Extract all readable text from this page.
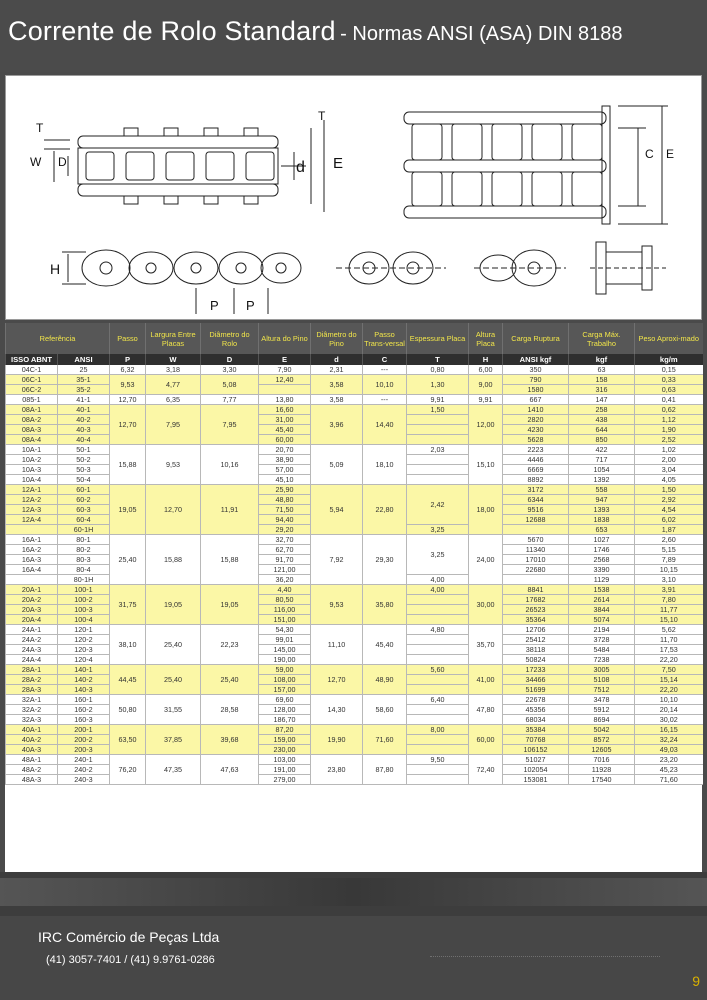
Corrente de Rolo Standard - Normas ANSI (ASA) DIN 8188
T
W D	d E
T
C E
H
P P
Referência		Passo	Largura Entre Placas	Diâmetro do Rolo	Altura do Pino	Diâmetro do Pino	Passo Trans-versal	Espessura Placa	Altura Placa	Carga Ruptura	Carga Máx. Trabalho	Peso Aproxi-mado
ISSO ABNT	ANSI	P	W	D	E	d	C	T	H	ANSI kgf	kgf	kg/m
04C-1	25	6,32	3,18	3,30	7,90	2,31	---	0,80	6,00	350	63	0,15
06C-1	35-1	9,53	4,77	5,08	12,40	3,58	10,10	1,30	9,00	790	158	0,33
06C-2	35-2									1580	316	0,63
085-1	41-1	12,70	6,35	7,77	13,80	3,58	---	9,91	9,91	667	147	0,41
08A-1	40-1	12,70	7,95	7,95	16,60	3,96	14,40	1,50	12,00	1410	258	0,62
08A-2	40-2				31,00					2820	438	1,12
08A-3	40-3				45,40					4230	644	1,90
08A-4	40-4				60,00					5628	850	2,52
10A-1	50-1	15,88	9,53	10,16	20,70	5,09	18,10	2,03	15,10	2223	422	1,02
10A-2	50-2				38,90					4446	717	2,00
10A-3	50-3				57,00					6669	1054	3,04
10A-4	50-4				45,10					8892	1392	4,05
12A-1	60-1	19,05	12,70	11,91	25,90	5,94	22,80	2,42	18,00	3172	558	1,50
12A-2	60-2				48,80					6344	947	2,92
12A-3	60-3				71,50					9516	1393	4,54
12A-4	60-4				94,40					12688	1838	6,02
	60-1H				29,20			3,25			653	1,87
16A-1	80-1	25,40	15,88	15,88	32,70	7,92	29,30	3,25	24,00	5670	1027	2,60
16A-2	80-2				62,70					11340	1746	5,15
16A-3	80-3				91,70					17010	2568	7,89
16A-4	80-4				121,00					22680	3390	10,15
	80-1H				36,20			4,00			1129	3,10
20A-1	100-1	31,75	19,05	19,05	4,40	9,53	35,80	4,00	30,00	8841	1538	3,91
20A-2	100-2				80,50					17682	2614	7,80
20A-3	100-3				116,00					26523	3844	11,77
20A-4	100-4				151,00					35364	5074	15,10
24A-1	120-1	38,10	25,40	22,23	54,30	11,10	45,40	4,80	35,70	12706	2194	5,62
24A-2	120-2				99,01					25412	3728	11,70
24A-3	120-3				145,00					38118	5484	17,53
24A-4	120-4				190,00					50824	7238	22,20
28A-1	140-1	44,45	25,40	25,40	59,00	12,70	48,90	5,60	41,00	17233	3005	7,50
28A-2	140-2				108,00					34466	5108	15,14
28A-3	140-3				157,00					51699	7512	22,20
32A-1	160-1	50,80	31,55	28,58	69,60	14,30	58,60	6,40	47,80	22678	3478	10,10
32A-2	160-2				128,00					45356	5912	20,14
32A-3	160-3				186,70					68034	8694	30,02
40A-1	200-1	63,50	37,85	39,68	87,20	19,90	71,60	8,00	60,00	35384	5042	16,15
40A-2	200-2				159,00					70768	8572	32,24
40A-3	200-3				230,00					106152	12605	49,03
48A-1	240-1	76,20	47,35	47,63	103,00	23,80	87,80	9,50	72,40	51027	7016	23,20
48A-2	240-2				191,00					102054	11928	45,23
48A-3	240-3				279,00					153081	17540	71,60
IRC Comércio de Peças Ltda
(41) 3057-7401 / (41) 9.9761-0286
9
